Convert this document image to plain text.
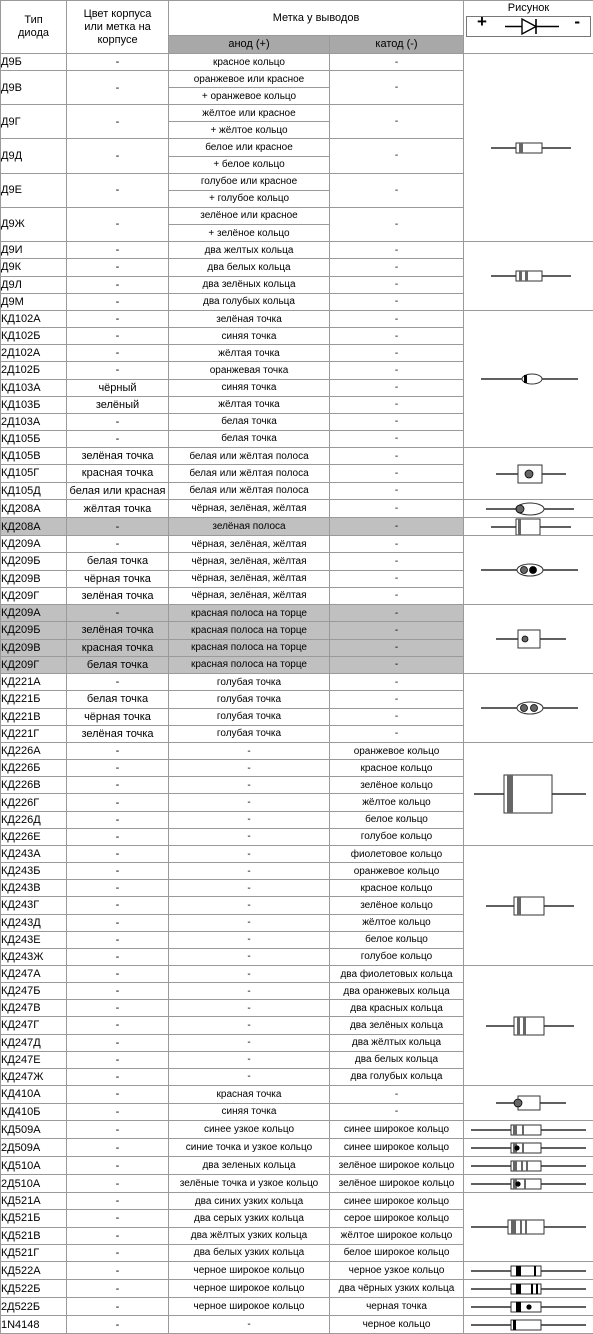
Тип диода	Цвет корпуса или метка на корпусе	Метка у выводов		Рисунок
+ -

		анод (+)	катод (-)	
Д9Б	-	красное кольцо	-	

Д9В	-	оранжевое или красное	-	
		+ оранжевое кольцо		
Д9Г	-	жёлтое или красное	-	
		+ жёлтое кольцо		
Д9Д	-	белое или красное	-	
		+ белое кольцо		
Д9Е	-	голубое или красное	-	
		+ голубое кольцо		
Д9Ж	-	зелёное или красное	-	
		+ зелёное кольцо		
Д9И	-	два желтых кольца	-	

Д9К	-	два белых кольца	-	
Д9Л	-	два зелёных кольца	-	
Д9М	-	два голубых кольца	-	
КД102А	-	зелёная точка	-	

КД102Б	-	синяя точка	-	
2Д102А	-	жёлтая точка	-	
2Д102Б	-	оранжевая точка	-	
КД103А	чёрный	синяя точка	-	
КД103Б	зелёный	жёлтая точка	-	
2Д103А	-	белая точка	-	
КД105Б	-	белая точка	-	
КД105В	зелёная точка	белая или жёлтая полоса	-	

КД105Г	красная точка	белая или жёлтая полоса	-	
КД105Д	белая или красная	белая или жёлтая полоса	-	
КД208А	жёлтая точка	чёрная, зелёная, жёлтая	-	

КД208А	-	зелёная полоса	-	

КД209А	-	чёрная, зелёная, жёлтая	-	

КД209Б	белая точка	чёрная, зелёная, жёлтая	-	
КД209В	чёрная точка	чёрная, зелёная, жёлтая	-	
КД209Г	зелёная точка	чёрная, зелёная, жёлтая	-	
КД209А	-	красная полоса на торце	-	

КД209Б	зелёная точка	красная полоса на торце	-	
КД209В	красная точка	красная полоса на торце	-	
КД209Г	белая точка	красная полоса на торце	-	
КД221А	-	голубая точка	-	

КД221Б	белая точка	голубая точка	-	
КД221В	чёрная точка	голубая точка	-	
КД221Г	зелёная точка	голубая точка	-	
КД226А	-	-	оранжевое кольцо	

КД226Б	-	-	красное кольцо	
КД226В	-	-	зелёное кольцо	
КД226Г	-	-	жёлтое кольцо	
КД226Д	-	-	белое кольцо	
КД226Е	-	-	голубое кольцо	
КД243А	-	-	фиолетовое кольцо	

КД243Б	-	-	оранжевое кольцо	
КД243В	-	-	красное кольцо	
КД243Г	-	-	зелёное кольцо	
КД243Д	-	-	жёлтое кольцо	
КД243Е	-	-	белое кольцо	
КД243Ж	-	-	голубое кольцо	
КД247А	-	-	два фиолетовых кольца	

КД247Б	-	-	два оранжевых кольца	
КД247В	-	-	два красных кольца	
КД247Г	-	-	два зелёных кольца	
КД247Д	-	-	два жёлтых кольца	
КД247Е	-	-	два белых кольца	
КД247Ж	-	-	два голубых кольца	
КД410А	-	красная точка	-	

КД410Б	-	синяя точка	-	
КД509А	-	синее узкое кольцо	синее широкое кольцо	

2Д509А	-	синие точка и узкое кольцо	синее широкое кольцо	

КД510А	-	два зеленых кольца	зелёное широкое кольцо	

2Д510А	-	зелёные точка и узкое кольцо	зелёное широкое кольцо	

КД521А	-	два синих узких кольца	синее широкое кольцо	

КД521Б	-	два серых узких кольца	серое широкое кольцо	
КД521В	-	два жёлтых узких кольца	жёлтое широкое кольцо	
КД521Г	-	два белых узких кольца	белое широкое кольцо	
КД522А	-	черное широкое кольцо	черное узкое кольцо	

КД522Б	-	черное широкое кольцо	два чёрных узких кольца	

2Д522Б	-	черное широкое кольцо	черная точка	

1N4148	-	-	черное кольцо	
